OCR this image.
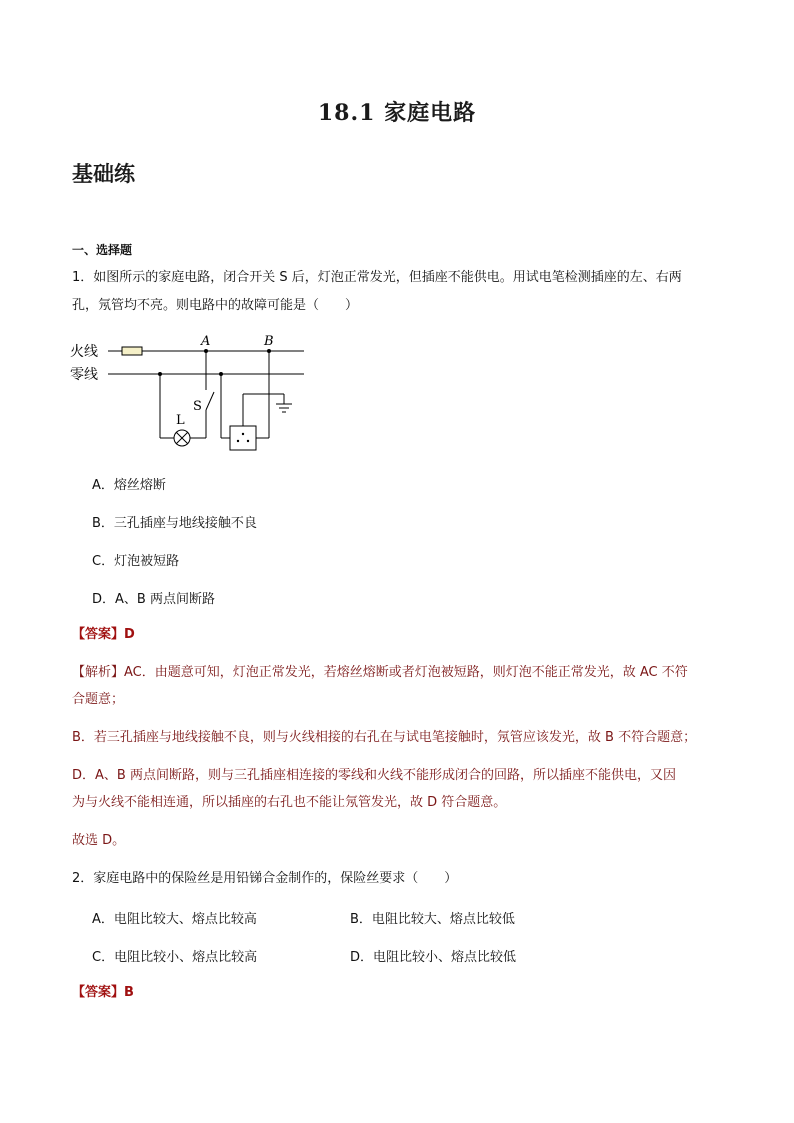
18.1 家庭电路
基础练
一、选择题
1．如图所示的家庭电路，闭合开关 S 后，灯泡正常发光，但插座不能供电。用试电笔检测插座的左、右两
孔，氖管均不亮。则电路中的故障可能是（　　）
火线
零线
A	B
L
S
A．熔丝熔断
B．三孔插座与地线接触不良
C．灯泡被短路
D．A、B 两点间断路
【答案】D
【解析】AC．由题意可知，灯泡正常发光，若熔丝熔断或者灯泡被短路，则灯泡不能正常发光，故 AC 不符
合题意；
B．若三孔插座与地线接触不良，则与火线相接的右孔在与试电笔接触时，氖管应该发光，故 B 不符合题意；
D．A、B 两点间断路，则与三孔插座相连接的零线和火线不能形成闭合的回路，所以插座不能供电，又因
为与火线不能相连通，所以插座的右孔也不能让氖管发光，故 D 符合题意。
故选 D。
2．家庭电路中的保险丝是用铅锑合金制作的，保险丝要求（　　）
A．电阻比较大、熔点比较高	B．电阻比较大、熔点比较低
C．电阻比较小、熔点比较高	D．电阻比较小、熔点比较低
【答案】B
